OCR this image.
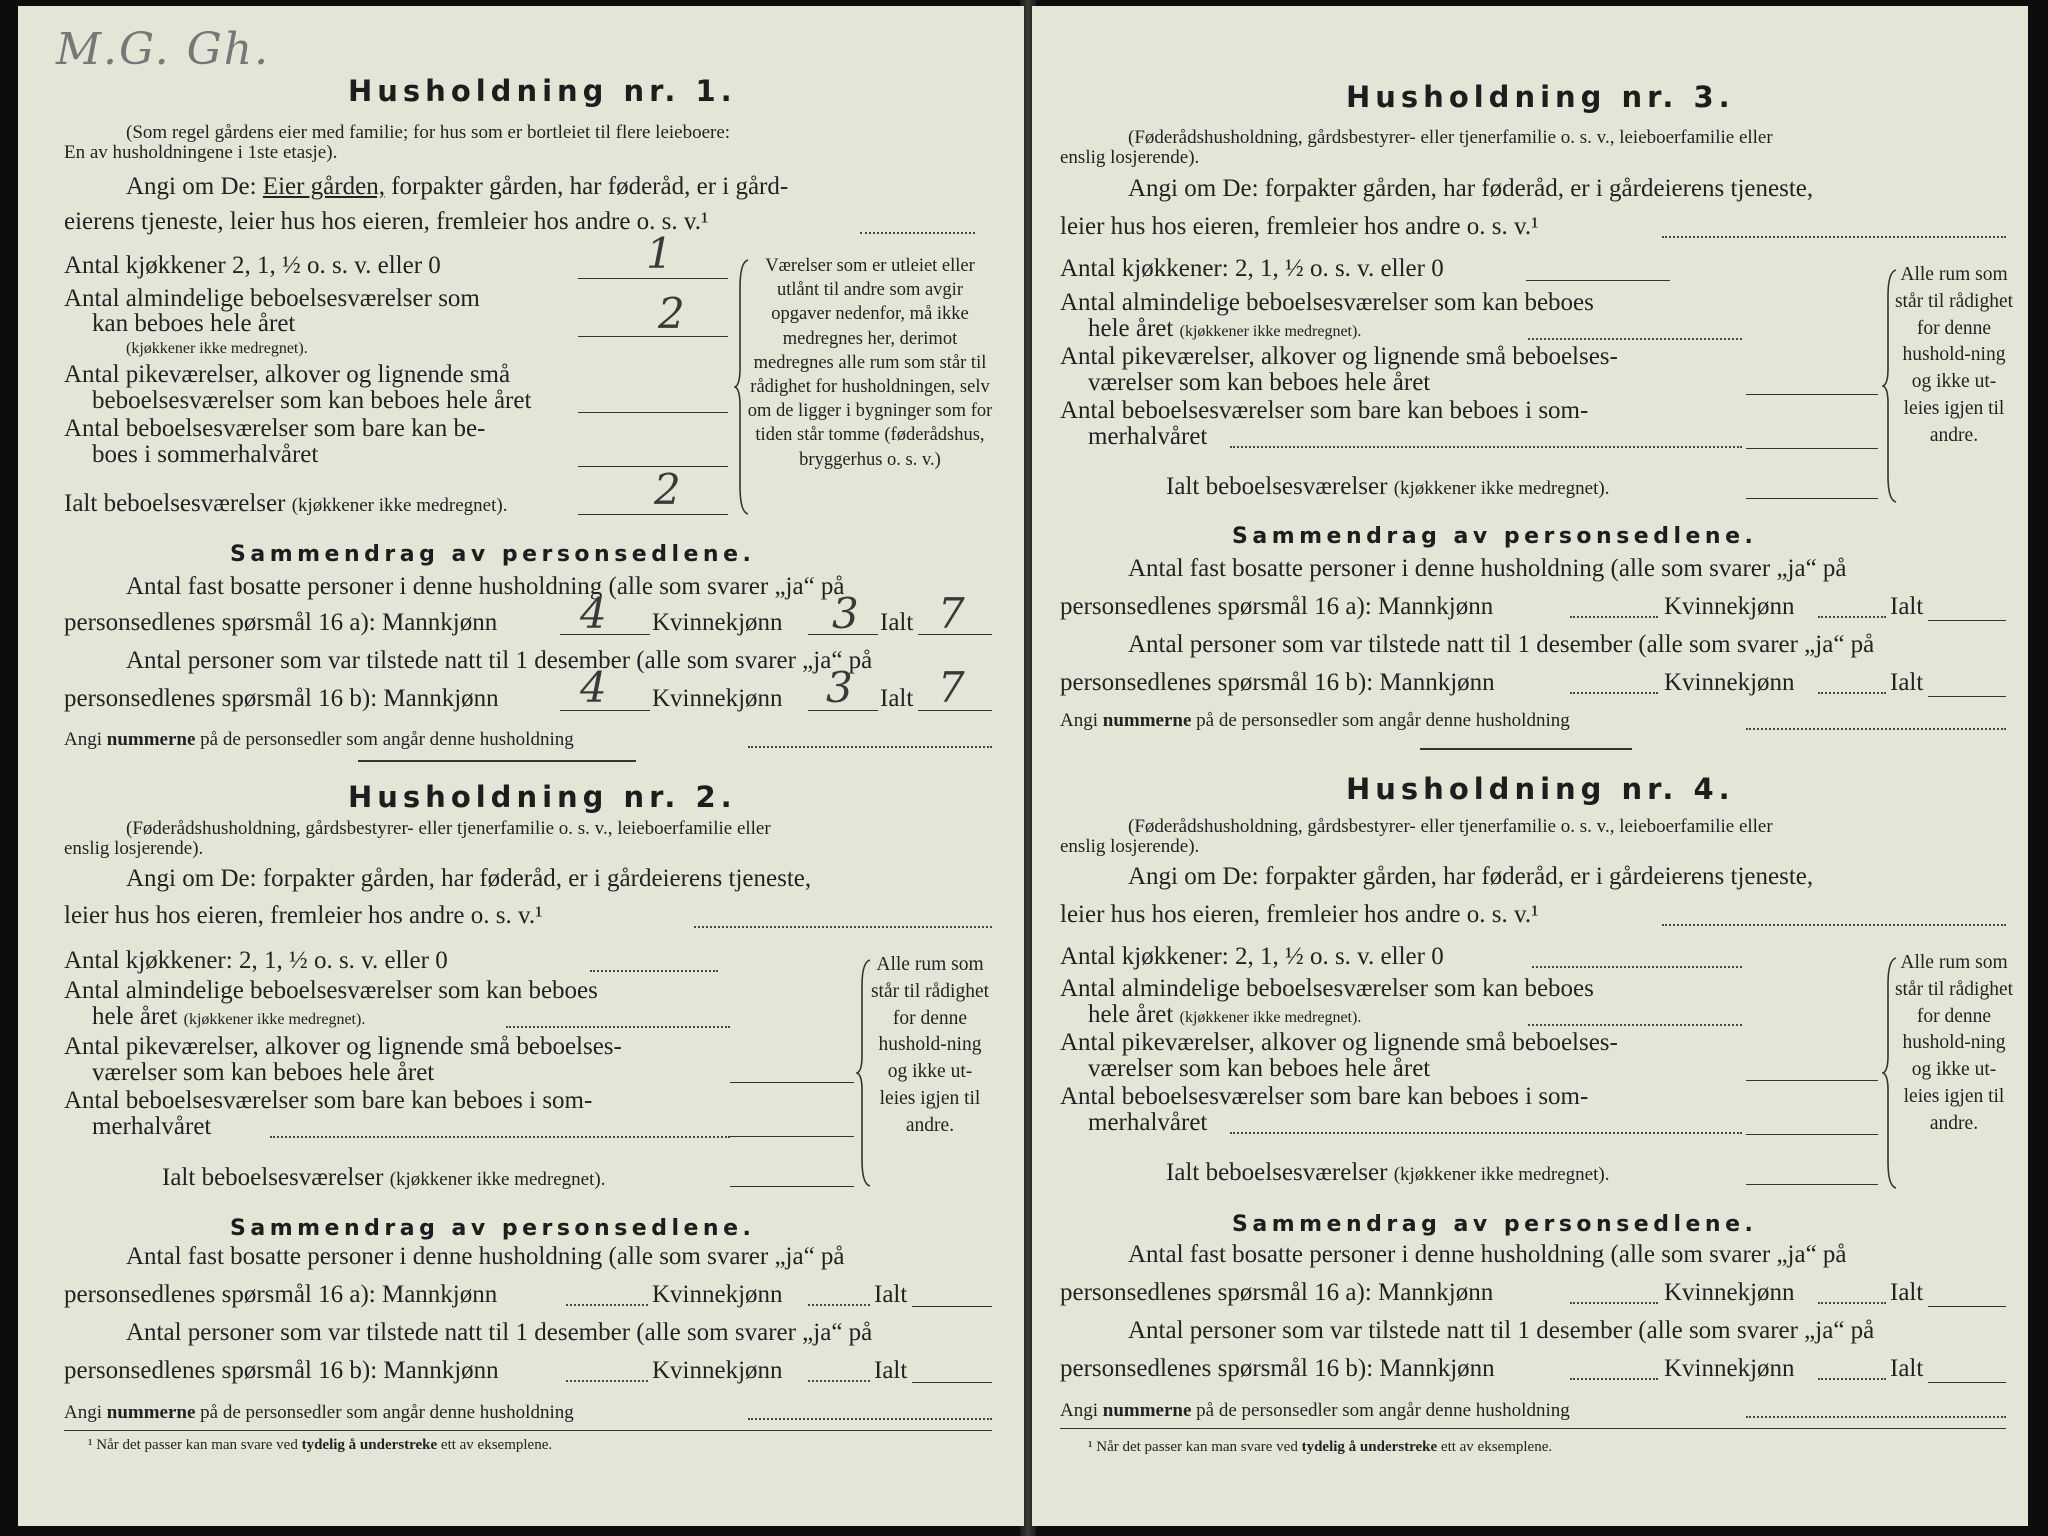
M.G. Gh.
Husholdning nr. 1.
(Som regel gårdens eier med familie; for hus som er bortleiet til flere leieboere:
En av husholdningene i 1ste etasje).
Angi om De: Eier gården, forpakter gården, har føderåd, er i gård-
eierens tjeneste, leier hus hos eieren, fremleier hos andre o. s. v.¹
Antal kjøkkener 2, 1, ½ o. s. v. eller 0	1
Antal almindelige beboelsesværelser som
kan beboes hele året
(kjøkkener ikke medregnet).
2
Antal pikeværelser, alkover og lignende små
beboelsesværelser som kan beboes hele året
Antal beboelsesværelser som bare kan be-
boes i sommerhalvåret
Ialt beboelsesværelser (kjøkkener ikke medregnet).	2
Værelser som er utleiet eller utlånt til andre som avgir opgaver nedenfor, må ikke medregnes her, derimot medregnes alle rum som står til rådighet for husholdningen, selv om de ligger i bygninger som for tiden står tomme (føderådshus, bryggerhus o. s. v.)
Sammendrag av personsedlene.
Antal fast bosatte personer i denne husholdning (alle som svarer „ja“ på
personsedlenes spørsmål 16 a): Mannkjønn 4 Kvinnekjønn 3 Ialt 7
Antal personer som var tilstede natt til 1 desember (alle som svarer „ja“ på
personsedlenes spørsmål 16 b): Mannkjønn 4 Kvinnekjønn 3 Ialt 7
Angi nummerne på de personsedler som angår denne husholdning
Husholdning nr. 2.
(Føderådshusholdning, gårdsbestyrer- eller tjenerfamilie o. s. v., leieboerfamilie eller
enslig losjerende).
Angi om De: forpakter gården, har føderåd, er i gårdeierens tjeneste,
leier hus hos eieren, fremleier hos andre o. s. v.¹
Antal kjøkkener: 2, 1, ½ o. s. v. eller 0
Antal almindelige beboelsesværelser som kan beboes
hele året (kjøkkener ikke medregnet).
Antal pikeværelser, alkover og lignende små beboelses-
værelser som kan beboes hele året
Antal beboelsesværelser som bare kan beboes i som-
merhalvåret
Ialt beboelsesværelser (kjøkkener ikke medregnet).
Alle rum som står til rådighet for denne hushold-ning og ikke ut-leies igjen til andre.
Sammendrag av personsedlene.
Antal fast bosatte personer i denne husholdning (alle som svarer „ja“ på
personsedlenes spørsmål 16 a): Mannkjønn	Kvinnekjønn	Ialt
Antal personer som var tilstede natt til 1 desember (alle som svarer „ja“ på
personsedlenes spørsmål 16 b): Mannkjønn	Kvinnekjønn	Ialt
Angi nummerne på de personsedler som angår denne husholdning
¹ Når det passer kan man svare ved tydelig å understreke ett av eksemplene.
Husholdning nr. 3.
(Føderådshusholdning, gårdsbestyrer- eller tjenerfamilie o. s. v., leieboerfamilie eller
enslig losjerende).
Angi om De: forpakter gården, har føderåd, er i gårdeierens tjeneste,
leier hus hos eieren, fremleier hos andre o. s. v.¹
Antal kjøkkener: 2, 1, ½ o. s. v. eller 0
Antal almindelige beboelsesværelser som kan beboes
hele året (kjøkkener ikke medregnet).
Antal pikeværelser, alkover og lignende små beboelses-
værelser som kan beboes hele året
Antal beboelsesværelser som bare kan beboes i som-
merhalvåret
Ialt beboelsesværelser (kjøkkener ikke medregnet).
Alle rum som står til rådighet for denne hushold-ning og ikke ut-leies igjen til andre.
Sammendrag av personsedlene.
Antal fast bosatte personer i denne husholdning (alle som svarer „ja“ på
personsedlenes spørsmål 16 a): Mannkjønn	Kvinnekjønn	Ialt
Antal personer som var tilstede natt til 1 desember (alle som svarer „ja“ på
personsedlenes spørsmål 16 b): Mannkjønn	Kvinnekjønn	Ialt
Angi nummerne på de personsedler som angår denne husholdning
Husholdning nr. 4.
(Føderådshusholdning, gårdsbestyrer- eller tjenerfamilie o. s. v., leieboerfamilie eller
enslig losjerende).
Angi om De: forpakter gården, har føderåd, er i gårdeierens tjeneste,
leier hus hos eieren, fremleier hos andre o. s. v.¹
Antal kjøkkener: 2, 1, ½ o. s. v. eller 0
Antal almindelige beboelsesværelser som kan beboes
hele året (kjøkkener ikke medregnet).
Antal pikeværelser, alkover og lignende små beboelses-
værelser som kan beboes hele året
Antal beboelsesværelser som bare kan beboes i som-
merhalvåret
Ialt beboelsesværelser (kjøkkener ikke medregnet).
Alle rum som står til rådighet for denne hushold-ning og ikke ut-leies igjen til andre.
Sammendrag av personsedlene.
Antal fast bosatte personer i denne husholdning (alle som svarer „ja“ på
personsedlenes spørsmål 16 a): Mannkjønn	Kvinnekjønn	Ialt
Antal personer som var tilstede natt til 1 desember (alle som svarer „ja“ på
personsedlenes spørsmål 16 b): Mannkjønn	Kvinnekjønn	Ialt
Angi nummerne på de personsedler som angår denne husholdning
¹ Når det passer kan man svare ved tydelig å understreke ett av eksemplene.
